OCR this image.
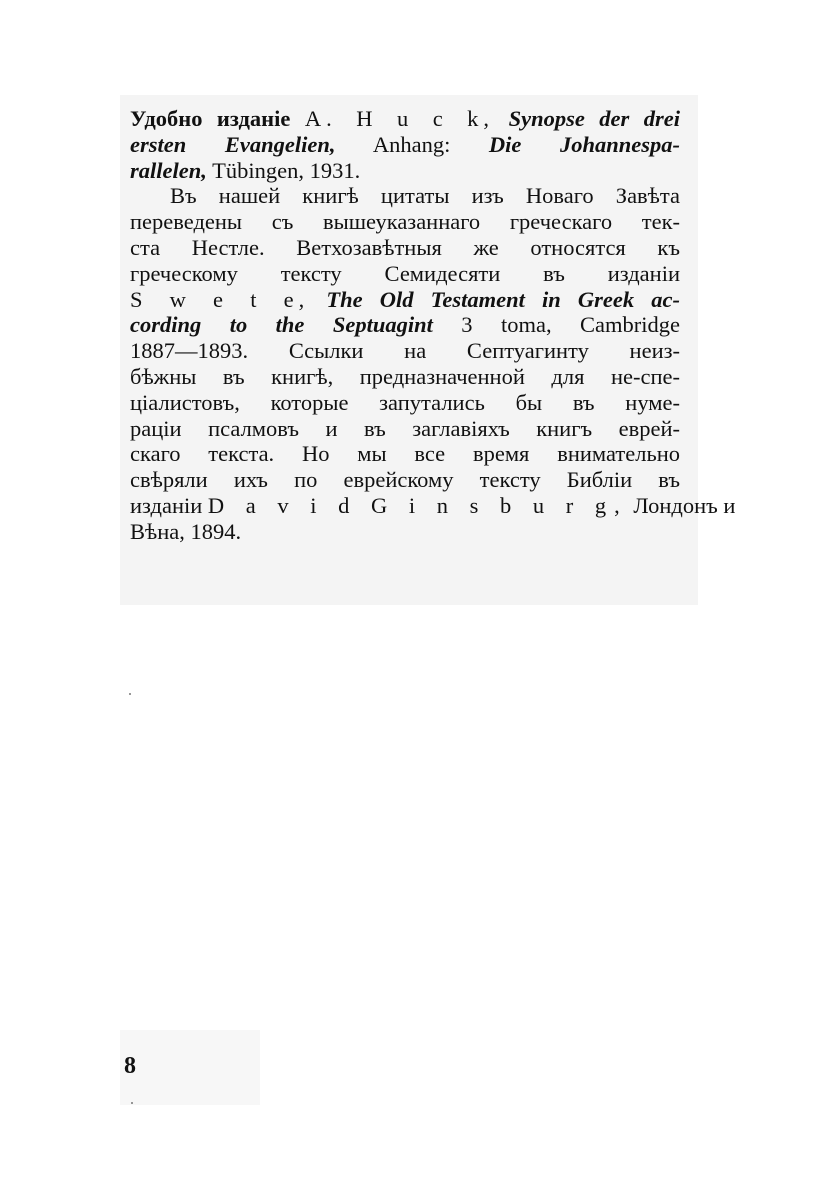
Удобно изданіе A. H u c k, Synopse der drei
ersten Evangelien, Anhang: Die Johannespa-
rallelen, Tübingen, 1931.

Въ нашей книгѣ цитаты изъ Новаго Завѣта
переведены съ вышеуказаннаго греческаго тек-
ста Нестле. Ветхозавѣтныя же относятся къ
греческому тексту Семидесяти въ изданіи
S w e t e, The Old Testament in Greek ac-
cording to the Septuagint 3 toma, Cambridge
1887—1893. Ссылки на Септуагинту неиз-
бѣжны въ книгѣ, предназначенной для не-спе-
ціалистовъ, которые запутались бы въ нуме-
раціи псалмовъ и въ заглавіяхъ книгъ еврей-
скаго текста. Но мы все время внимательно
свѣряли ихъ по еврейскому тексту Библіи въ
изданіи D a v i d G i n s b u r g, Лондонъ и
Вѣна, 1894.

8
